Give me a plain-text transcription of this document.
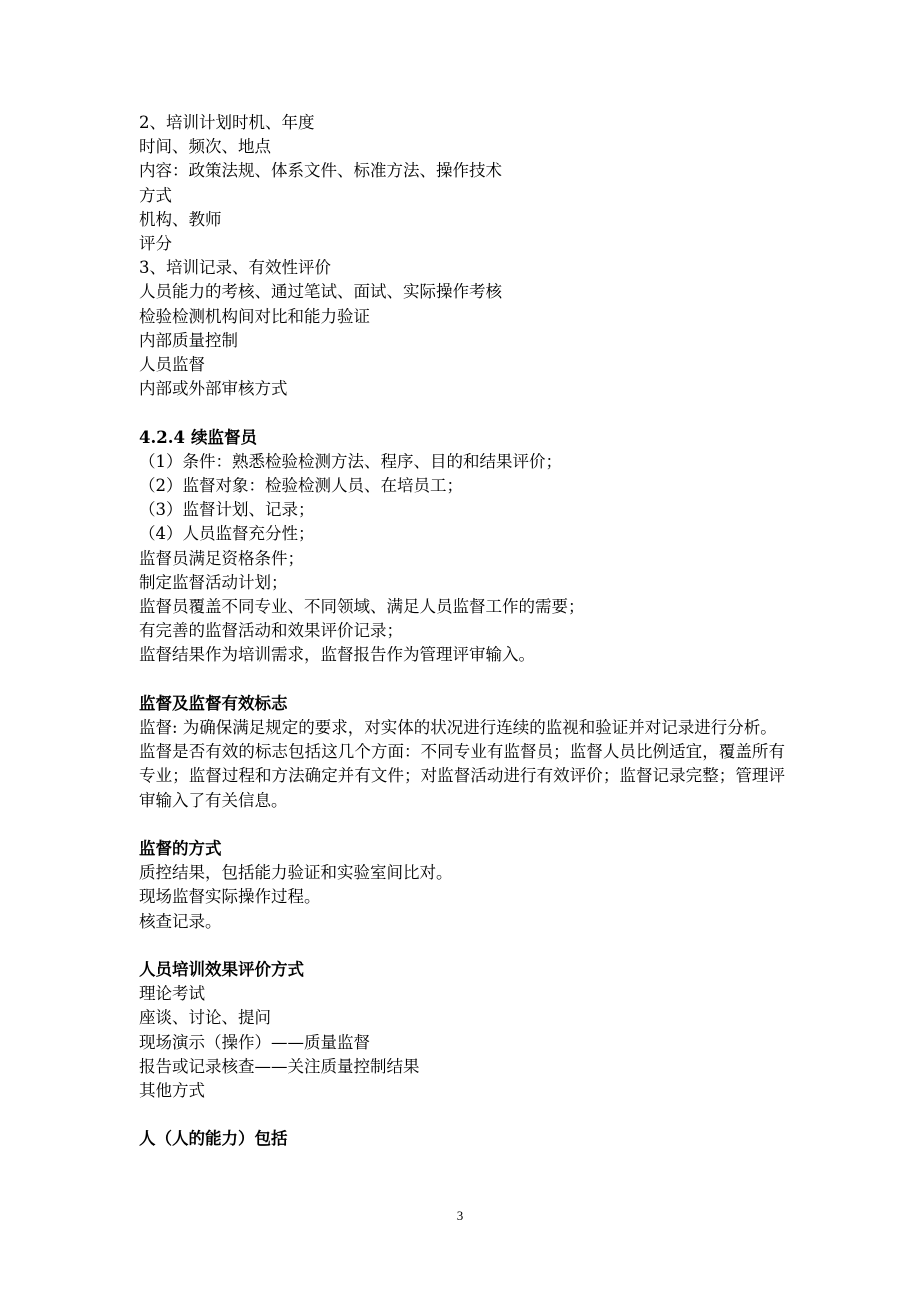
2、培训计划时机、年度
时间、频次、地点
内容：政策法规、体系文件、标准方法、操作技术
方式
机构、教师
评分
3、培训记录、有效性评价
人员能力的考核、通过笔试、面试、实际操作考核
检验检测机构间对比和能力验证
内部质量控制
人员监督
内部或外部审核方式
4.2.4 续监督员
（1）条件：熟悉检验检测方法、程序、目的和结果评价；
（2）监督对象：检验检测人员、在培员工；
（3）监督计划、记录；
（4）人员监督充分性；
监督员满足资格条件；
制定监督活动计划；
监督员覆盖不同专业、不同领域、满足人员监督工作的需要；
有完善的监督活动和效果评价记录；
监督结果作为培训需求，监督报告作为管理评审输入。
监督及监督有效标志
监督: 为确保满足规定的要求，对实体的状况进行连续的监视和验证并对记录进行分析。
监督是否有效的标志包括这几个方面：不同专业有监督员；监督人员比例适宜，覆盖所有专业；监督过程和方法确定并有文件；对监督活动进行有效评价；监督记录完整；管理评审输入了有关信息。
监督的方式
质控结果，包括能力验证和实验室间比对。
现场监督实际操作过程。
核查记录。
人员培训效果评价方式
理论考试
座谈、讨论、提问
现场演示（操作）——质量监督
报告或记录核查——关注质量控制结果
其他方式
人（人的能力）包括
3
